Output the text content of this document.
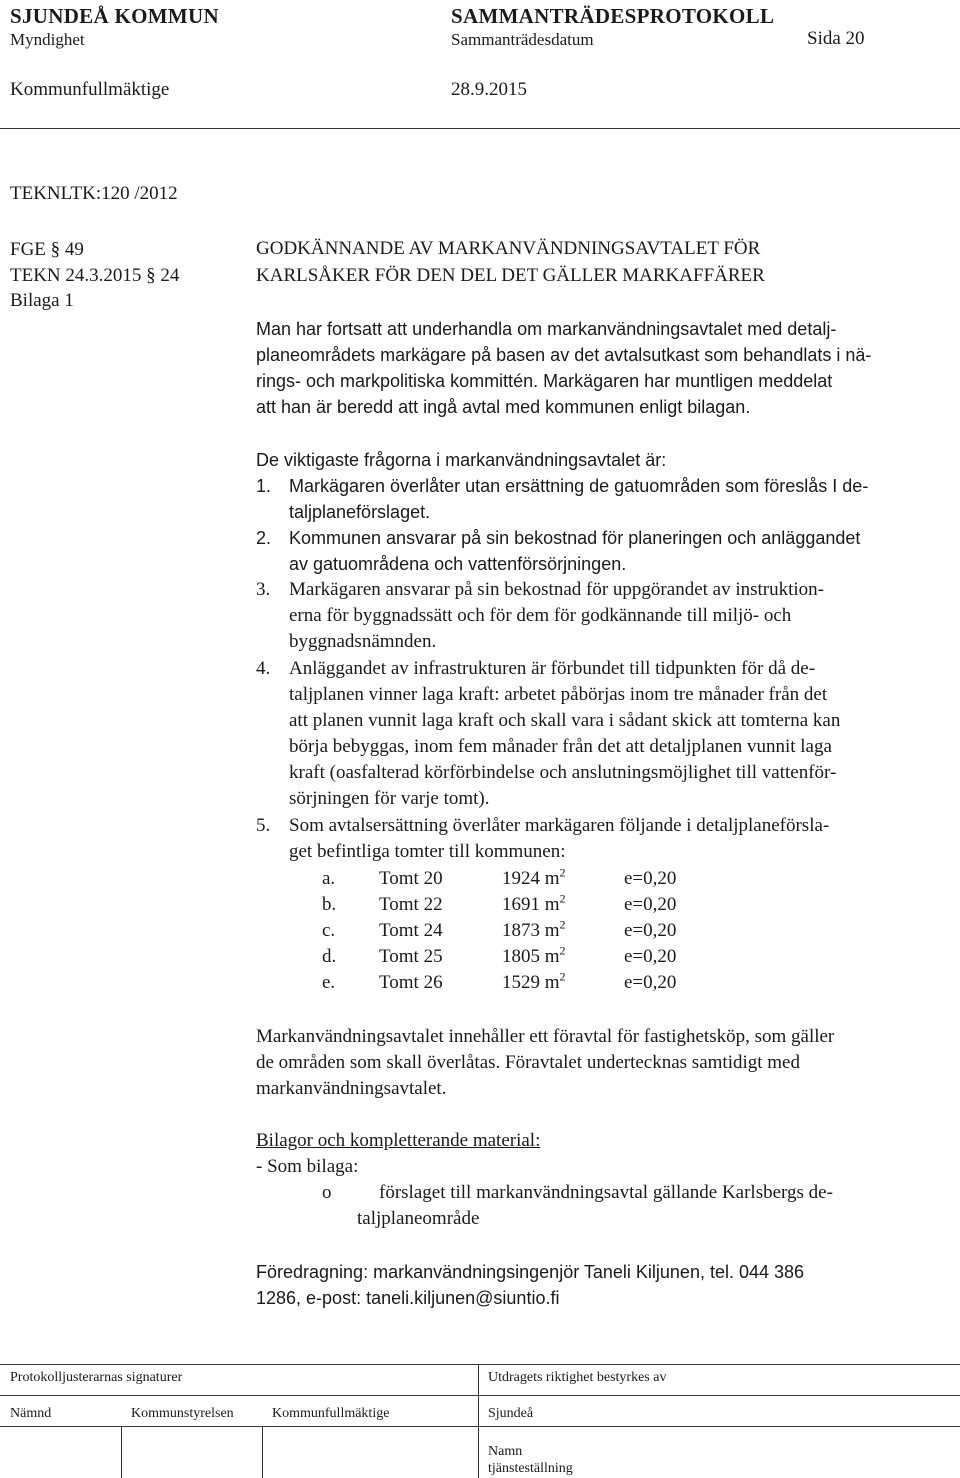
SJUNDEÅ KOMMUN	SAMMANTRÄDESPROTOKOLL
Myndighet	Sammanträdesdatum	Sida 20
Kommunfullmäktige	28.9.2015
TEKNLTK:120 /2012
FGE § 49
TEKN 24.3.2015 § 24
Bilaga 1
GODKÄNNANDE AV MARKANVÄNDNINGSAVTALET FÖR
KARLSÅKER FÖR DEN DEL DET GÄLLER MARKAFFÄRER

Man har fortsatt att underhandla om markanvändningsavtalet med detalj-

planeområdets markägare på basen av det avtalsutkast som behandlats i nä-

rings- och markpolitiska kommittén. Markägaren har muntligen meddelat

att han är beredd att ingå avtal med kommunen enligt bilagan.

De viktigaste frågorna i markanvändningsavtalet är:
1. Markägaren överlåter utan ersättning de gatuområden som föreslås I de-
taljplaneförslaget.
2. Kommunen ansvarar på sin bekostnad för planeringen och anläggandet
av gatuområdena och vattenförsörjningen.
3. Markägaren ansvarar på sin bekostnad för uppgörandet av instruktion-
erna för byggnadssätt och för dem för godkännande till miljö- och
byggnadsnämnden.
4. Anläggandet av infrastrukturen är förbundet till tidpunkten för då de-
taljplanen vinner laga kraft: arbetet påbörjas inom tre månader från det
att planen vunnit laga kraft och skall vara i sådant skick att tomterna kan
börja bebyggas, inom fem månader från det att detaljplanen vunnit laga
kraft (oasfalterad körförbindelse och anslutningsmöjlighet till vattenför-
sörjningen för varje tomt).
5. Som avtalsersättning överlåter markägaren följande i detaljplaneförsla-
get befintliga tomter till kommunen:
a. Tomt 20	1924 $m^2$	e=0,20
b. Tomt 22	1691 $m^2$	e=0,20
c. Tomt 24	1873 $m^2$	e=0,20
d. Tomt 25	1805 $m^2$	e=0,20
e. Tomt 26	1529 $m^2$	e=0,20

Markanvändningsavtalet innehåller ett föravtal för fastighetsköp, som gäller

de områden som skall överlåtas. Föravtalet undertecknas samtidigt med

markanvändningsavtalet.

Bilagor och kompletterande material:
- Som bilaga:
o	förslaget till markanvändningsavtal gällande Karlsbergs de-
taljplaneområde
Föredragning: markanvändningsingenjör Taneli Kiljunen, tel. 044 386
1286, e-post: taneli.kiljunen@siuntio.fi
Protokolljusterarnas signaturer	Utdragets riktighet bestyrkes av
Nämnd	Kommunstyrelsen	Kommunfullmäktige	Sjundeå
Namn
tjänsteställning
